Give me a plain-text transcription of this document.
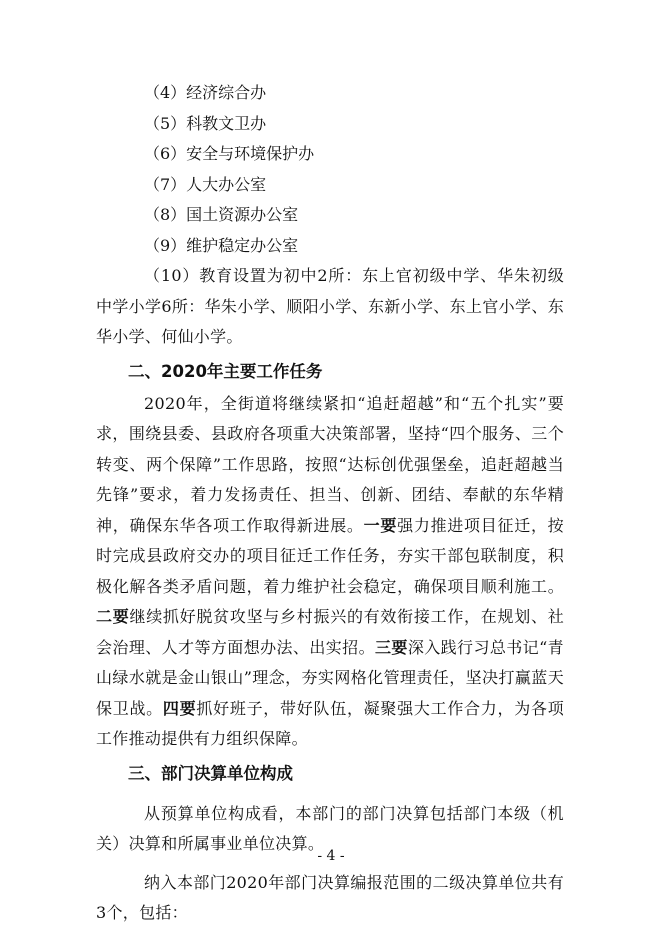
（4）经济综合办

（5）科教文卫办

（6）安全与环境保护办

（7）人大办公室

（8）国土资源办公室

（9）维护稳定办公室

（10）教育设置为初中2所：东上官初级中学、华朱初级中学小学6所：华朱小学、顺阳小学、东新小学、东上官小学、东华小学、何仙小学。

二、2020年主要工作任务

2020年，全街道将继续紧扣“追赶超越”和“五个扎实”要求，围绕县委、县政府各项重大决策部署，坚持“四个服务、三个转变、两个保障”工作思路，按照“达标创优强堡垒，追赶超越当先锋”要求，着力发扬责任、担当、创新、团结、奉献的东华精神，确保东华各项工作取得新进展。一要强力推进项目征迁，按时完成县政府交办的项目征迁工作任务，夯实干部包联制度，积极化解各类矛盾问题，着力维护社会稳定，确保项目顺利施工。二要继续抓好脱贫攻坚与乡村振兴的有效衔接工作，在规划、社会治理、人才等方面想办法、出实招。三要深入践行习总书记“青山绿水就是金山银山”理念，夯实网格化管理责任，坚决打赢蓝天保卫战。四要抓好班子，带好队伍，凝聚强大工作合力，为各项工作推动提供有力组织保障。

三、部门决算单位构成

从预算单位构成看，本部门的部门决算包括部门本级（机关）决算和所属事业单位决算。

纳入本部门2020年部门决算编报范围的二级决算单位共有3个，包括：

- 4 -
